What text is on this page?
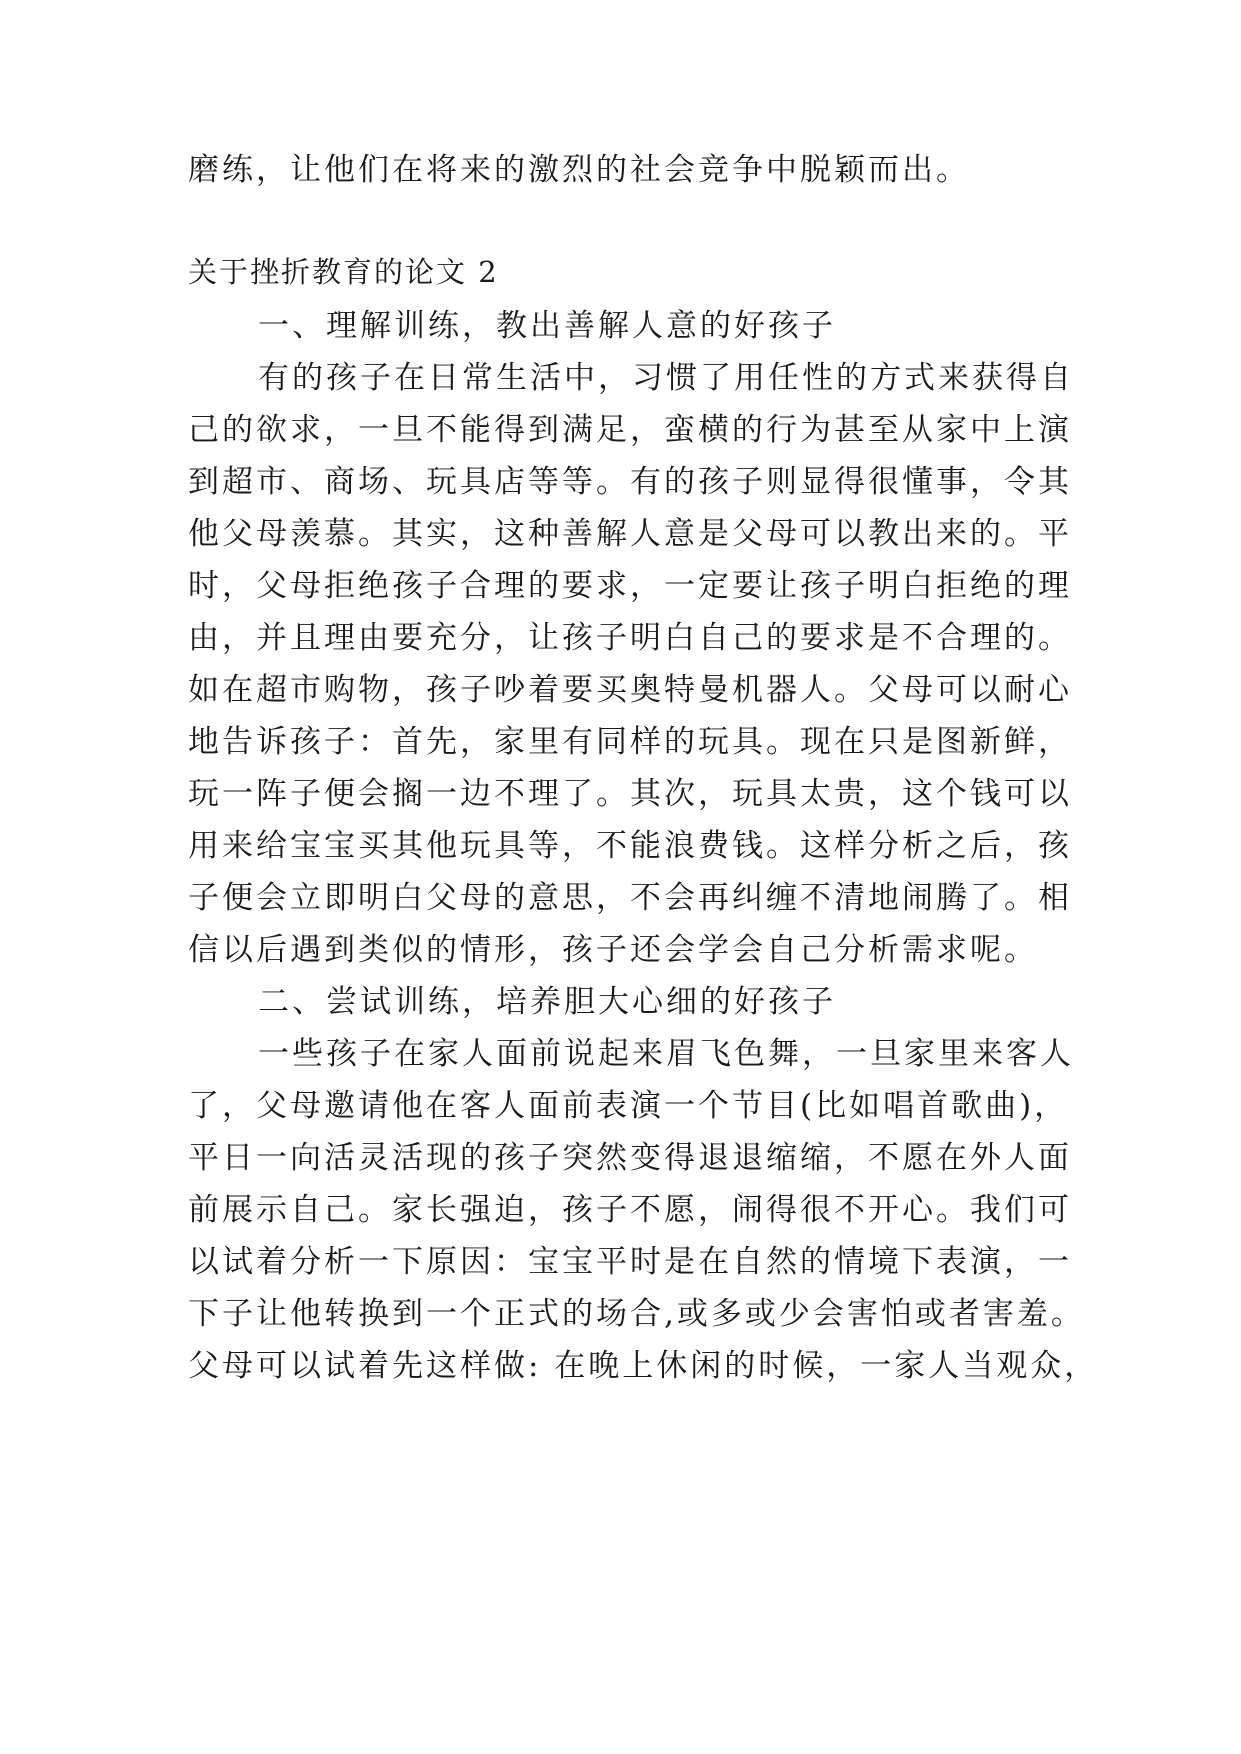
磨练，让他们在将来的激烈的社会竞争中脱颖而出。
关于挫折教育的论文 2
一、理解训练，教出善解人意的好孩子
有的孩子在日常生活中，习惯了用任性的方式来获得自
己的欲求，一旦不能得到满足，蛮横的行为甚至从家中上演
到超市、商场、玩具店等等。有的孩子则显得很懂事，令其
他父母羡慕。其实，这种善解人意是父母可以教出来的。平
时，父母拒绝孩子合理的要求，一定要让孩子明白拒绝的理
由，并且理由要充分，让孩子明白自己的要求是不合理的。
如在超市购物，孩子吵着要买奥特曼机器人。父母可以耐心
地告诉孩子：首先，家里有同样的玩具。现在只是图新鲜，
玩一阵子便会搁一边不理了。其次，玩具太贵，这个钱可以
用来给宝宝买其他玩具等，不能浪费钱。这样分析之后，孩
子便会立即明白父母的意思，不会再纠缠不清地闹腾了。相
信以后遇到类似的情形，孩子还会学会自己分析需求呢。
二、尝试训练，培养胆大心细的好孩子
一些孩子在家人面前说起来眉飞色舞，一旦家里来客人
了，父母邀请他在客人面前表演一个节目(比如唱首歌曲)，
平日一向活灵活现的孩子突然变得退退缩缩，不愿在外人面
前展示自己。家长强迫，孩子不愿，闹得很不开心。我们可
以试着分析一下原因：宝宝平时是在自然的情境下表演，一
下子让他转换到一个正式的场合,或多或少会害怕或者害羞。
父母可以试着先这样做: 在晚上休闲的时候，一家人当观众，
